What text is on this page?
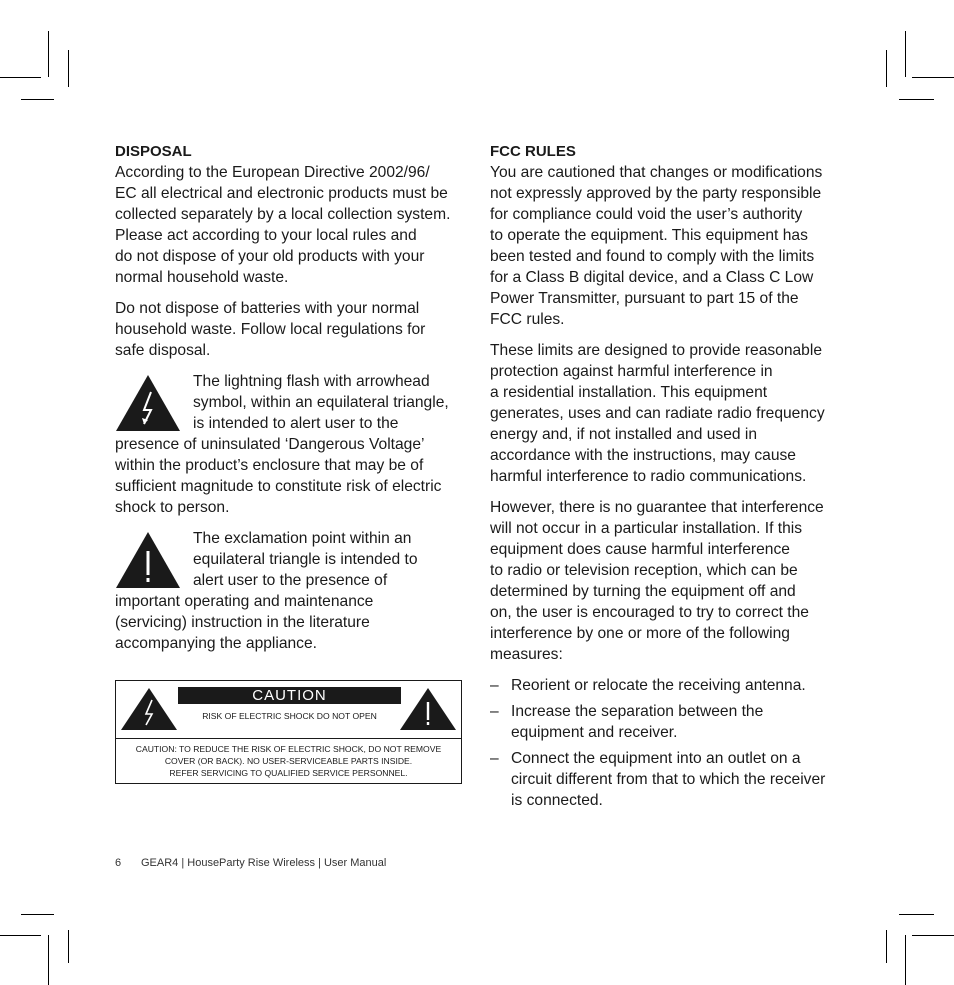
DISPOSAL

According to the European Directive 2002/96/
EC all electrical and electronic products must be
collected separately by a local collection system.
Please act according to your local rules and
do not dispose of your old products with your
normal household waste.

Do not dispose of batteries with your normal
household waste. Follow local regulations for
safe disposal.

The lightning flash with arrowhead
symbol, within an equilateral triangle,
is intended to alert user to the
presence of uninsulated ‘Dangerous Voltage’
within the product’s enclosure that may be of
sufficient magnitude to constitute risk of electric
shock to person.
The exclamation point within an
equilateral triangle is intended to
alert user to the presence of
important operating and maintenance
(servicing) instruction in the literature
accompanying the appliance.
CAUTION
RISK OF ELECTRIC SHOCK DO NOT OPEN
CAUTION: TO REDUCE THE RISK OF ELECTRIC SHOCK, DO NOT REMOVE
COVER (OR BACK). NO USER-SERVICEABLE PARTS INSIDE.
REFER SERVICING TO QUALIFIED SERVICE PERSONNEL.
FCC RULES

You are cautioned that changes or modifications
not expressly approved by the party responsible
for compliance could void the user’s authority
to operate the equipment. This equipment has
been tested and found to comply with the limits
for a Class B digital device, and a Class C Low
Power Transmitter, pursuant to part 15 of the
FCC rules.

These limits are designed to provide reasonable
protection against harmful interference in
a residential installation. This equipment
generates, uses and can radiate radio frequency
energy and, if not installed and used in
accordance with the instructions, may cause
harmful interference to radio communications.

However, there is no guarantee that interference
will not occur in a particular installation. If this
equipment does cause harmful interference
to radio or television reception, which can be
determined by turning the equipment off and
on, the user is encouraged to try to correct the
interference by one or more of the following
measures:

– Reorient or relocate the receiving antenna.
– Increase the separation between the
equipment and receiver.
– Connect the equipment into an outlet on a
circuit different from that to which the receiver
is connected.
6 GEAR4 | HouseParty Rise Wireless | User Manual
